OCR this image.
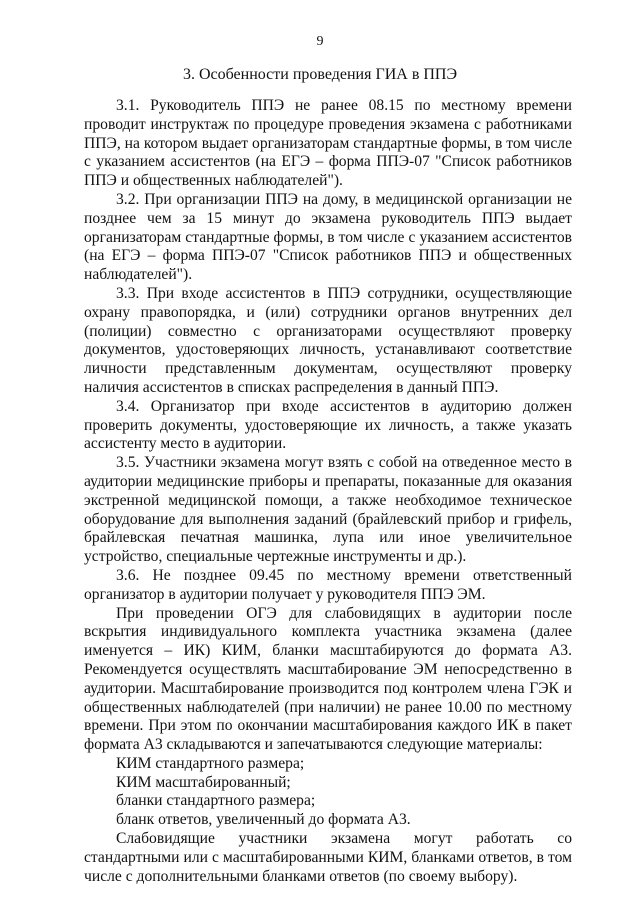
9
3. Особенности проведения ГИА в ППЭ

3.1. Руководитель ППЭ не ранее 08.15 по местному времени проводит инструктаж по процедуре проведения экзамена с работниками ППЭ, на котором выдает организаторам стандартные формы, в том числе с указанием ассистентов (на ЕГЭ – форма ППЭ-07 "Список работников ППЭ и общественных наблюдателей").

3.2. При организации ППЭ на дому, в медицинской организации не позднее чем за 15 минут до экзамена руководитель ППЭ выдает организаторам стандартные формы, в том числе с указанием ассистентов (на ЕГЭ – форма ППЭ-07 "Список работников ППЭ и общественных наблюдателей").

3.3. При входе ассистентов в ППЭ сотрудники, осуществляющие охрану правопорядка, и (или) сотрудники органов внутренних дел (полиции) совместно с организаторами осуществляют проверку документов, удостоверяющих личность, устанавливают соответствие личности представленным документам, осуществляют проверку наличия ассистентов в списках распределения в данный ППЭ.

3.4. Организатор при входе ассистентов в аудиторию должен проверить документы, удостоверяющие их личность, а также указать ассистенту место в аудитории.

3.5. Участники экзамена могут взять с собой на отведенное место в аудитории медицинские приборы и препараты, показанные для оказания экстренной медицинской помощи, а также необходимое техническое оборудование для выполнения заданий (брайлевский прибор и грифель, брайлевская печатная машинка, лупа или иное увеличительное устройство, специальные чертежные инструменты и др.).

3.6. Не позднее 09.45 по местному времени ответственный организатор в аудитории получает у руководителя ППЭ ЭМ.

При проведении ОГЭ для слабовидящих в аудитории после вскрытия индивидуального комплекта участника экзамена (далее именуется – ИК) КИМ, бланки масштабируются до формата А3. Рекомендуется осуществлять масштабирование ЭМ непосредственно в аудитории. Масштабирование производится под контролем члена ГЭК и общественных наблюдателей (при наличии) не ранее 10.00 по местному времени. При этом по окончании масштабирования каждого ИК в пакет формата А3 складываются и запечатываются следующие материалы:

КИМ стандартного размера;

КИМ масштабированный;

бланки стандартного размера;

бланк ответов, увеличенный до формата А3.

Слабовидящие участники экзамена могут работать со стандартными или с масштабированными КИМ, бланками ответов, в том числе с дополнительными бланками ответов (по своему выбору).
